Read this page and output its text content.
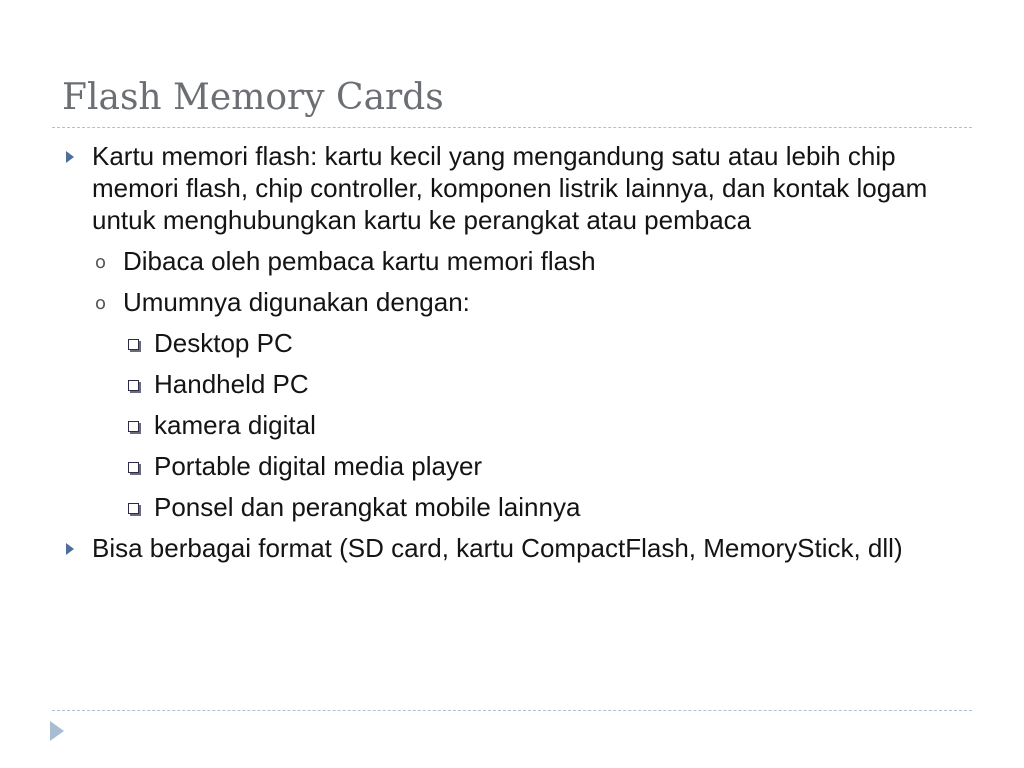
Flash Memory Cards
Kartu memori flash: kartu kecil yang mengandung satu atau lebih chip memori flash, chip controller, komponen listrik lainnya, dan kontak logam untuk menghubungkan kartu ke perangkat atau pembaca
o Dibaca oleh pembaca kartu memori flash
o Umumnya digunakan dengan:
Desktop PC
Handheld PC
kamera digital
Portable digital media player
Ponsel dan perangkat mobile lainnya
Bisa berbagai format (SD card, kartu CompactFlash, MemoryStick, dll)
